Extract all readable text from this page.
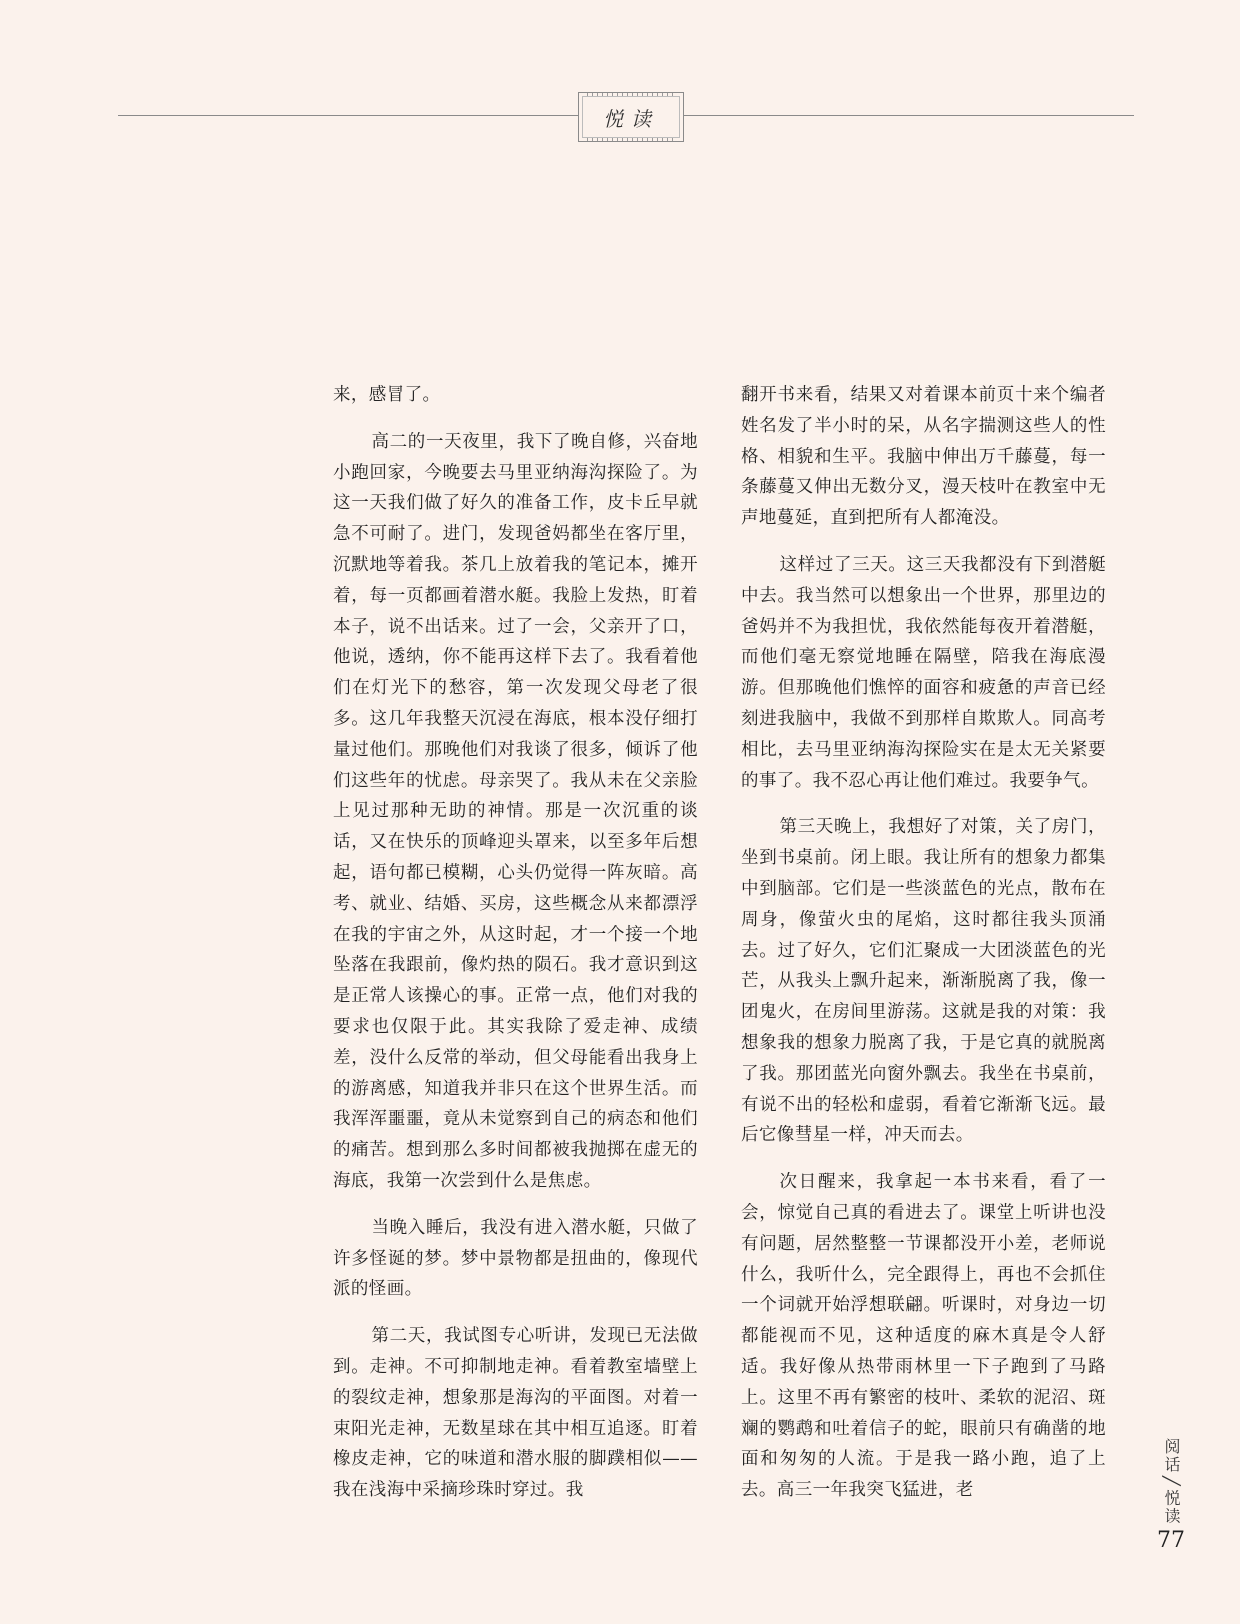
悦读

来，感冒了。

高二的一天夜里，我下了晚自修，兴奋地小跑回家，今晚要去马里亚纳海沟探险了。为这一天我们做了好久的准备工作，皮卡丘早就急不可耐了。进门，发现爸妈都坐在客厅里，沉默地等着我。茶几上放着我的笔记本，摊开着，每一页都画着潜水艇。我脸上发热，盯着本子，说不出话来。过了一会，父亲开了口，他说，透纳，你不能再这样下去了。我看着他们在灯光下的愁容，第一次发现父母老了很多。这几年我整天沉浸在海底，根本没仔细打量过他们。那晚他们对我谈了很多，倾诉了他们这些年的忧虑。母亲哭了。我从未在父亲脸上见过那种无助的神情。那是一次沉重的谈话，又在快乐的顶峰迎头罩来，以至多年后想起，语句都已模糊，心头仍觉得一阵灰暗。高考、就业、结婚、买房，这些概念从来都漂浮在我的宇宙之外，从这时起，才一个接一个地坠落在我跟前，像灼热的陨石。我才意识到这是正常人该操心的事。正常一点，他们对我的要求也仅限于此。其实我除了爱走神、成绩差，没什么反常的举动，但父母能看出我身上的游离感，知道我并非只在这个世界生活。而我浑浑噩噩，竟从未觉察到自己的病态和他们的痛苦。想到那么多时间都被我抛掷在虚无的海底，我第一次尝到什么是焦虑。

当晚入睡后，我没有进入潜水艇，只做了许多怪诞的梦。梦中景物都是扭曲的，像现代派的怪画。

第二天，我试图专心听讲，发现已无法做到。走神。不可抑制地走神。看着教室墙壁上的裂纹走神，想象那是海沟的平面图。对着一束阳光走神，无数星球在其中相互追逐。盯着橡皮走神，它的味道和潜水服的脚蹼相似——我在浅海中采摘珍珠时穿过。我

翻开书来看，结果又对着课本前页十来个编者姓名发了半小时的呆，从名字揣测这些人的性格、相貌和生平。我脑中伸出万千藤蔓，每一条藤蔓又伸出无数分叉，漫天枝叶在教室中无声地蔓延，直到把所有人都淹没。

这样过了三天。这三天我都没有下到潜艇中去。我当然可以想象出一个世界，那里边的爸妈并不为我担忧，我依然能每夜开着潜艇，而他们毫无察觉地睡在隔壁，陪我在海底漫游。但那晚他们憔悴的面容和疲惫的声音已经刻进我脑中，我做不到那样自欺欺人。同高考相比，去马里亚纳海沟探险实在是太无关紧要的事了。我不忍心再让他们难过。我要争气。

第三天晚上，我想好了对策，关了房门，坐到书桌前。闭上眼。我让所有的想象力都集中到脑部。它们是一些淡蓝色的光点，散布在周身，像萤火虫的尾焰，这时都往我头顶涌去。过了好久，它们汇聚成一大团淡蓝色的光芒，从我头上飘升起来，渐渐脱离了我，像一团鬼火，在房间里游荡。这就是我的对策：我想象我的想象力脱离了我，于是它真的就脱离了我。那团蓝光向窗外飘去。我坐在书桌前，有说不出的轻松和虚弱，看着它渐渐飞远。最后它像彗星一样，冲天而去。

次日醒来，我拿起一本书来看，看了一会，惊觉自己真的看进去了。课堂上听讲也没有问题，居然整整一节课都没开小差，老师说什么，我听什么，完全跟得上，再也不会抓住一个词就开始浮想联翩。听课时，对身边一切都能视而不见，这种适度的麻木真是令人舒适。我好像从热带雨林里一下子跑到了马路上。这里不再有繁密的枝叶、柔软的泥沼、斑斓的鹦鹉和吐着信子的蛇，眼前只有确凿的地面和匆匆的人流。于是我一路小跑，追了上去。高三一年我突飞猛进，老

阅话╱悦读
77
